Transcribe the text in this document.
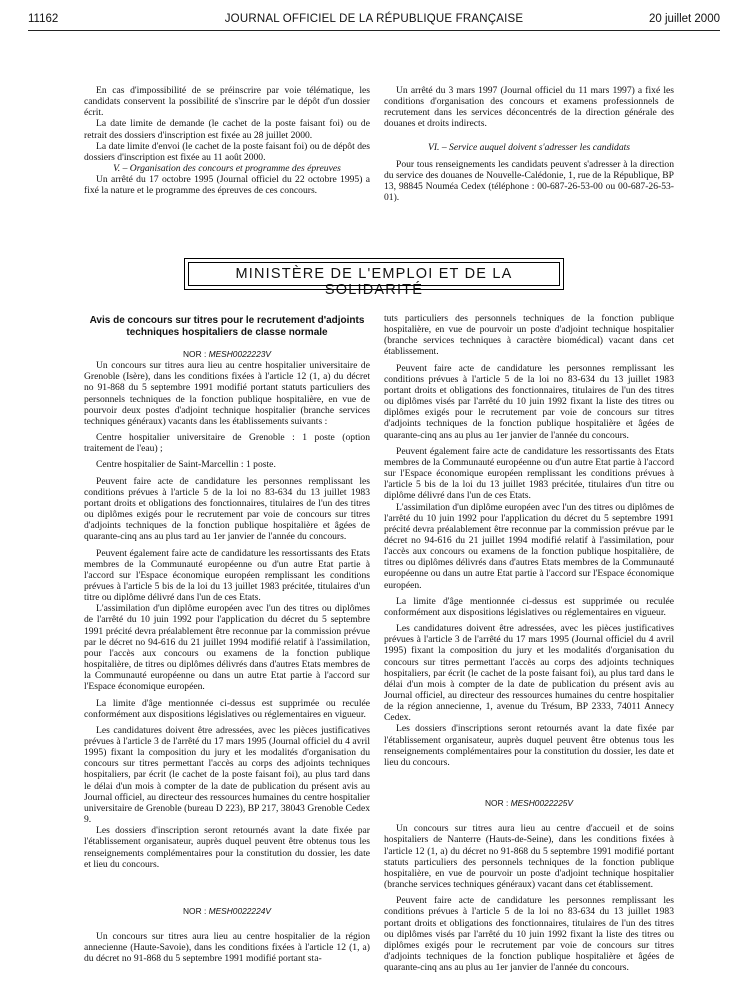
11162	JOURNAL OFFICIEL DE LA RÉPUBLIQUE FRANÇAISE	20 juillet 2000

En cas d'impossibilité de se préinscrire par voie télématique, les candidats conservent la possibilité de s'inscrire par le dépôt d'un dossier écrit.

La date limite de demande (le cachet de la poste faisant foi) ou de retrait des dossiers d'inscription est fixée au 28 juillet 2000.

La date limite d'envoi (le cachet de la poste faisant foi) ou de dépôt des dossiers d'inscription est fixée au 11 août 2000.

V. – Organisation des concours et programme des épreuves

Un arrêté du 17 octobre 1995 (Journal officiel du 22 octobre 1995) a fixé la nature et le programme des épreuves de ces concours.

Un arrêté du 3 mars 1997 (Journal officiel du 11 mars 1997) a fixé les conditions d'organisation des concours et examens professionnels de recrutement dans les services déconcentrés de la direction générale des douanes et droits indirects.

VI. – Service auquel doivent s'adresser les candidats

Pour tous renseignements les candidats peuvent s'adresser à la direction du service des douanes de Nouvelle-Calédonie, 1, rue de la République, BP 13, 98845 Nouméa Cedex (téléphone : 00-687-26-53-00 ou 00-687-26-53-01).

MINISTÈRE DE L'EMPLOI ET DE LA SOLIDARITÉ
Avis de concours sur titres pour le recrutement d'adjoints techniques hospitaliers de classe normale

NOR : MESH0022223V

Un concours sur titres aura lieu au centre hospitalier universitaire de Grenoble (Isère), dans les conditions fixées à l'article 12 (1, a) du décret no 91-868 du 5 septembre 1991 modifié portant statuts particuliers des personnels techniques de la fonction publique hospitalière, en vue de pourvoir deux postes d'adjoint technique hospitalier (branche services techniques généraux) vacants dans les établissements suivants :

Centre hospitalier universitaire de Grenoble : 1 poste (option traitement de l'eau) ;

Centre hospitalier de Saint-Marcellin : 1 poste.

Peuvent faire acte de candidature les personnes remplissant les conditions prévues à l'article 5 de la loi no 83-634 du 13 juillet 1983 portant droits et obligations des fonctionnaires, titulaires de l'un des titres ou diplômes exigés pour le recrutement par voie de concours sur titres d'adjoints techniques de la fonction publique hospitalière et âgées de quarante-cinq ans au plus tard au 1er janvier de l'année du concours.

Peuvent également faire acte de candidature les ressortissants des Etats membres de la Communauté européenne ou d'un autre Etat partie à l'accord sur l'Espace économique européen remplissant les conditions prévues à l'article 5 bis de la loi du 13 juillet 1983 précitée, titulaires d'un titre ou diplôme délivré dans l'un de ces Etats.

L'assimilation d'un diplôme européen avec l'un des titres ou diplômes de l'arrêté du 10 juin 1992 pour l'application du décret du 5 septembre 1991 précité devra préalablement être reconnue par la commission prévue par le décret no 94-616 du 21 juillet 1994 modifié relatif à l'assimilation, pour l'accès aux concours ou examens de la fonction publique hospitalière, de titres ou diplômes délivrés dans d'autres Etats membres de la Communauté européenne ou dans un autre Etat partie à l'accord sur l'Espace économique européen.

La limite d'âge mentionnée ci-dessus est supprimée ou reculée conformément aux dispositions législatives ou réglementaires en vigueur.

Les candidatures doivent être adressées, avec les pièces justificatives prévues à l'article 3 de l'arrêté du 17 mars 1995 (Journal officiel du 4 avril 1995) fixant la composition du jury et les modalités d'organisation du concours sur titres permettant l'accès au corps des adjoints techniques hospitaliers, par écrit (le cachet de la poste faisant foi), au plus tard dans le délai d'un mois à compter de la date de publication du présent avis au Journal officiel, au directeur des ressources humaines du centre hospitalier universitaire de Grenoble (bureau D 223), BP 217, 38043 Grenoble Cedex 9.

Les dossiers d'inscription seront retournés avant la date fixée par l'établissement organisateur, auprès duquel peuvent être obtenus tous les renseignements complémentaires pour la constitution du dossier, les date et lieu du concours.

NOR : MESH0022224V

Un concours sur titres aura lieu au centre hospitalier de la région annecienne (Haute-Savoie), dans les conditions fixées à l'article 12 (1, a) du décret no 91-868 du 5 septembre 1991 modifié portant sta-

tuts particuliers des personnels techniques de la fonction publique hospitalière, en vue de pourvoir un poste d'adjoint technique hospitalier (branche services techniques à caractère biomédical) vacant dans cet établissement.

Peuvent faire acte de candidature les personnes remplissant les conditions prévues à l'article 5 de la loi no 83-634 du 13 juillet 1983 portant droits et obligations des fonctionnaires, titulaires de l'un des titres ou diplômes visés par l'arrêté du 10 juin 1992 fixant la liste des titres ou diplômes exigés pour le recrutement par voie de concours sur titres d'adjoints techniques de la fonction publique hospitalière et âgées de quarante-cinq ans au plus au 1er janvier de l'année du concours.

Peuvent également faire acte de candidature les ressortissants des Etats membres de la Communauté européenne ou d'un autre Etat partie à l'accord sur l'Espace économique européen remplissant les conditions prévues à l'article 5 bis de la loi du 13 juillet 1983 précitée, titulaires d'un titre ou diplôme délivré dans l'un de ces Etats.

L'assimilation d'un diplôme européen avec l'un des titres ou diplômes de l'arrêté du 10 juin 1992 pour l'application du décret du 5 septembre 1991 précité devra préalablement être reconnue par la commission prévue par le décret no 94-616 du 21 juillet 1994 modifié relatif à l'assimilation, pour l'accès aux concours ou examens de la fonction publique hospitalière, de titres ou diplômes délivrés dans d'autres Etats membres de la Communauté européenne ou dans un autre Etat partie à l'accord sur l'Espace économique européen.

La limite d'âge mentionnée ci-dessus est supprimée ou reculée conformément aux dispositions législatives ou réglementaires en vigueur.

Les candidatures doivent être adressées, avec les pièces justificatives prévues à l'article 3 de l'arrêté du 17 mars 1995 (Journal officiel du 4 avril 1995) fixant la composition du jury et les modalités d'organisation du concours sur titres permettant l'accès au corps des adjoints techniques hospitaliers, par écrit (le cachet de la poste faisant foi), au plus tard dans le délai d'un mois à compter de la date de publication du présent avis au Journal officiel, au directeur des ressources humaines du centre hospitalier de la région annecienne, 1, avenue du Trésum, BP 2333, 74011 Annecy Cedex.

Les dossiers d'inscriptions seront retournés avant la date fixée par l'établissement organisateur, auprès duquel peuvent être obtenus tous les renseignements complémentaires pour la constitution du dossier, les date et lieu du concours.

NOR : MESH0022225V

Un concours sur titres aura lieu au centre d'accueil et de soins hospitaliers de Nanterre (Hauts-de-Seine), dans les conditions fixées à l'article 12 (1, a) du décret no 91-868 du 5 septembre 1991 modifié portant statuts particuliers des personnels techniques de la fonction publique hospitalière, en vue de pourvoir un poste d'adjoint technique hospitalier (branche services techniques généraux) vacant dans cet établissement.

Peuvent faire acte de candidature les personnes remplissant les conditions prévues à l'article 5 de la loi no 83-634 du 13 juillet 1983 portant droits et obligations des fonctionnaires, titulaires de l'un des titres ou diplômes visés par l'arrêté du 10 juin 1992 fixant la liste des titres ou diplômes exigés pour le recrutement par voie de concours sur titres d'adjoints techniques de la fonction publique hospitalière et âgées de quarante-cinq ans au plus au 1er janvier de l'année du concours.
